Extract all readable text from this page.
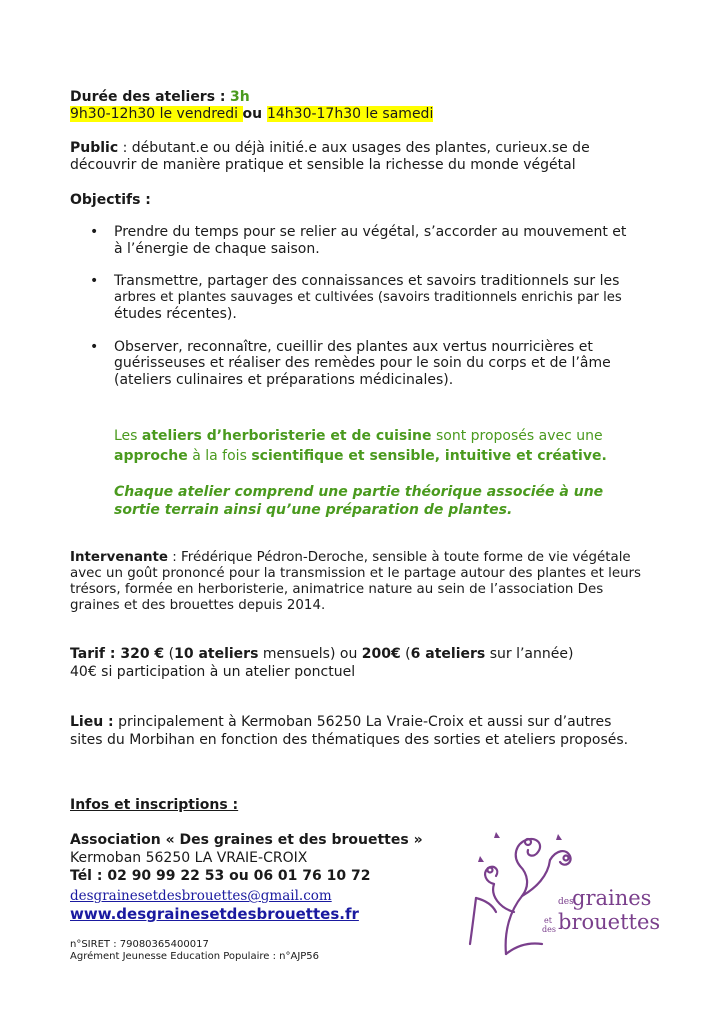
Durée des ateliers : 3h
9h30-12h30 le vendredi ou 14h30-17h30 le samedi
Public : débutant.e ou déjà initié.e aux usages des plantes, curieux.se de
découvrir de manière pratique et sensible la richesse du monde végétal
Objectifs :
• Prendre du temps pour se relier au végétal, s’accorder au mouvement et
à l’énergie de chaque saison.
• Transmettre, partager des connaissances et savoirs traditionnels sur les
arbres et plantes sauvages et cultivées (savoirs traditionnels enrichis par les
études récentes).
• Observer, reconnaître, cueillir des plantes aux vertus nourricières et
guérisseuses et réaliser des remèdes pour le soin du corps et de l’âme
(ateliers culinaires et préparations médicinales).
Les ateliers d’herboristerie et de cuisine sont proposés avec une
approche à la fois scientifique et sensible, intuitive et créative.
Chaque atelier comprend une partie théorique associée à une
sortie terrain ainsi qu’une préparation de plantes.
Intervenante : Frédérique Pédron-Deroche, sensible à toute forme de vie végétale
avec un goût prononcé pour la transmission et le partage autour des plantes et leurs
trésors, formée en herboristerie, animatrice nature au sein de l’association Des
graines et des brouettes depuis 2014.
Tarif : 320 € (10 ateliers mensuels) ou 200€ (6 ateliers sur l’année)
40€ si participation à un atelier ponctuel
Lieu : principalement à Kermoban 56250 La Vraie-Croix et aussi sur d’autres
sites du Morbihan en fonction des thématiques des sorties et ateliers proposés.
Infos et inscriptions :
Association « Des graines et des brouettes »
Kermoban 56250 LA VRAIE-CROIX
Tél : 02 90 99 22 53 ou 06 01 76 10 72
desgrainesetdesbrouettes@gmail.com
www.desgrainesetdesbrouettes.fr
n°SIRET : 79080365400017
Agrément Jeunesse Education Populaire : n°AJP56
des
graines
et
des brouettes
